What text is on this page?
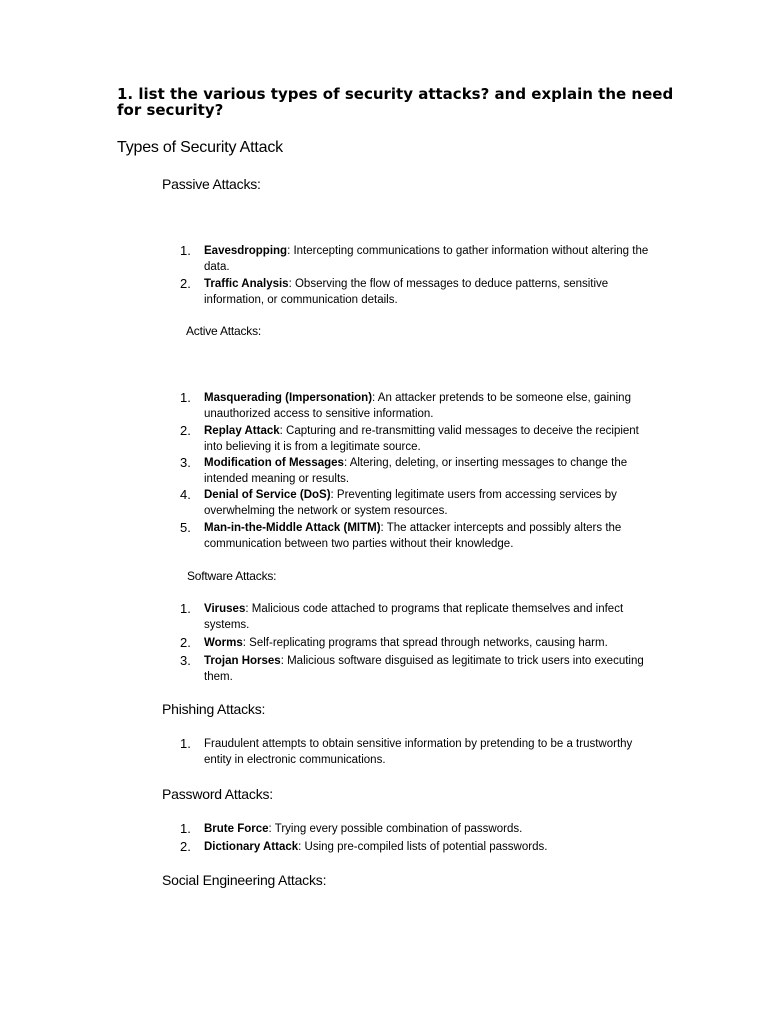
1. list the various types of security attacks? and explain the need for security?
Types of Security Attack
Passive Attacks:
1.	Eavesdropping: Intercepting communications to gather information without altering the data.
2.	Traffic Analysis: Observing the flow of messages to deduce patterns, sensitive information, or communication details.
Active Attacks:
1.	Masquerading (Impersonation): An attacker pretends to be someone else, gaining unauthorized access to sensitive information.
2.	Replay Attack: Capturing and re-transmitting valid messages to deceive the recipient into believing it is from a legitimate source.
3.	Modification of Messages: Altering, deleting, or inserting messages to change the intended meaning or results.
4.	Denial of Service (DoS): Preventing legitimate users from accessing services by overwhelming the network or system resources.
5.	Man-in-the-Middle Attack (MITM): The attacker intercepts and possibly alters the communication between two parties without their knowledge.
Software Attacks:
1.	Viruses: Malicious code attached to programs that replicate themselves and infect systems.
2.	Worms: Self-replicating programs that spread through networks, causing harm.
3.	Trojan Horses: Malicious software disguised as legitimate to trick users into executing them.
Phishing Attacks:
1.	Fraudulent attempts to obtain sensitive information by pretending to be a trustworthy entity in electronic communications.
Password Attacks:
1.	Brute Force: Trying every possible combination of passwords.
2.	Dictionary Attack: Using pre-compiled lists of potential passwords.
Social Engineering Attacks:
